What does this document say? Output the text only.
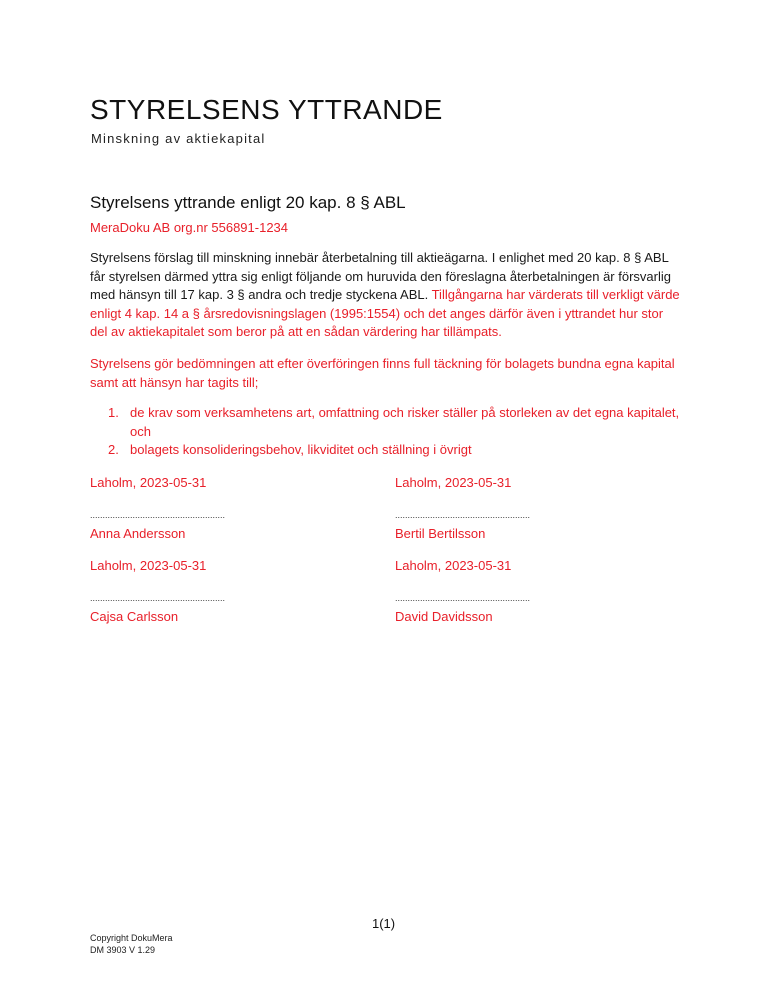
STYRELSENS YTTRANDE
Minskning av aktiekapital
Styrelsens yttrande enligt 20 kap. 8 § ABL
MeraDoku AB org.nr 556891-1234

Styrelsens förslag till minskning innebär återbetalning till aktieägarna. I enlighet med 20 kap. 8 § ABL får styrelsen därmed yttra sig enligt följande om huruvida den föreslagna återbetalningen är försvarlig med hänsyn till 17 kap. 3 § andra och tredje styckena ABL. Tillgångarna har värderats till verkligt värde enligt 4 kap. 14 a § årsredovisningslagen (1995:1554) och det anges därför även i yttrandet hur stor del av aktiekapitalet som beror på att en sådan värdering har tillämpats.

Styrelsens gör bedömningen att efter överföringen finns full täckning för bolagets bundna egna kapital samt att hänsyn har tagits till;

1. de krav som verksamhetens art, omfattning och risker ställer på storleken av det egna kapitalet, och
2. bolagets konsolideringsbehov, likviditet och ställning i övrigt
Laholm, 2023-05-31
......................................................
Anna Andersson
Laholm, 2023-05-31
......................................................
Bertil Bertilsson
Laholm, 2023-05-31
......................................................
Cajsa Carlsson
Laholm, 2023-05-31
......................................................
David Davidsson
1(1)
Copyright DokuMera
DM 3903 V 1.29
